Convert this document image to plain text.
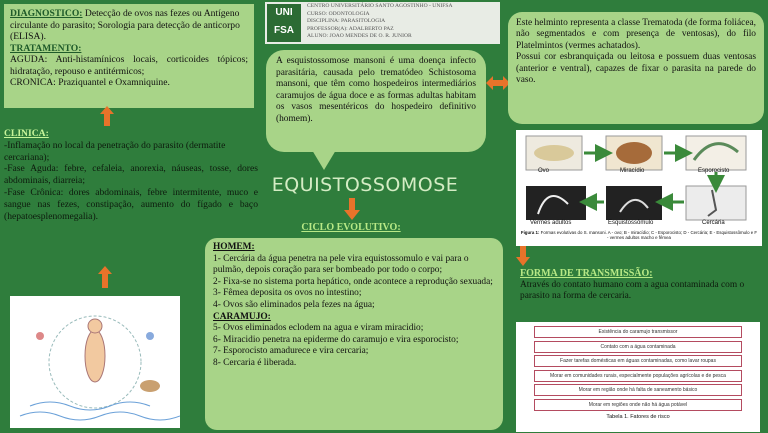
DIAGNOSTICO: Detecção de ovos nas fezes ou Antígeno circulante do parasito; Sorologia para detecção de anticorpo (ELISA).
TRATAMENTO:
AGUDA: Anti-histamínicos locais, corticoides tópicos; hidratação, repouso e antitérmicos;
CRONICA: Praziquantel e Oxamniquine.
CLINICA:
-Inflamação no local da penetração do parasito (dermatite cercariana);
-Fase Aguda: febre, cefaleia, anorexia, náuseas, tosse, dores abdominais, diarreia;
-Fase Crônica: dores abdominais, febre intermitente, muco e sangue nas fezes, constipação, aumento do fígado e baço (hepatoesplenomegalia).
UNI
FSA
CENTRO UNIVERSITÁRIO SANTO AGOSTINHO - UNIFSA
CURSO: ODONTOLOGIA
DISCIPLINA: PARASITOLOGIA
PROFESSOR(A): ADALBERTO PAZ
ALUNO: JOAO MENDES DE O. R. JUNIOR
A esquistossomose mansoni é uma doença infecto parasitária, causada pelo trematódeo Schistosoma mansoni, que têm como hospedeiros intermediários caramujos de água doce e as formas adultas habitam os vasos mesentéricos do hospedeiro definitivo (homem).
Este helminto representa a classe Trematoda (de forma foliácea, não segmentados e com presença de ventosas), do filo Platelmintos (vermes achatados).
Possui cor esbranquiçada ou leitosa e possuem duas ventosas (anterior e ventral), capazes de fixar o parasita na parede do vaso.
EQUISTOSSOMOSE
CICLO EVOLUTIVO:
HOMEM:
1- Cercária da água penetra na pele vira equistossomulo e vai para o pulmão, depois coração para ser bombeado por todo o corpo;
2- Fixa-se no sistema porta hepático, onde acontece a reprodução sexuada;
3- Fêmea deposita os ovos no intestino;
4- Ovos são eliminados pela fezes na água;
CARAMUJO:
5- Ovos eliminados eclodem na agua e viram miracidio;
6- Miracidio penetra na epiderme do caramujo e vira esporocisto;
7- Esporocisto amadurece e vira cercaria;
8- Cercaria é liberada.
Ovo	Miracídio	Esporocisto
Vermes adultos	Esquistossômulo	Cercária
Figura 1: Formas evolutivas do S. mansoni. A - ovo; B - miracídio; C - Esporocisto; D - Cercária; E - Esquistossômulo e F - vermes adultos macho e fêmea
FORMA DE TRANSMISSÃO:
Através do contato humano com a agua contaminada com o parasito na forma de cercaria.
Existência do caramujo transmissor
Contato com a água contaminada
Fazer tarefas domésticas em águas contaminadas, como lavar roupas
Morar em comunidades rurais, especialmente populações agrícolas e de pesca
Morar em região onde há falta de saneamento básico
Morar em regiões onde não há água potável
Tabela 1. Fatores de risco
